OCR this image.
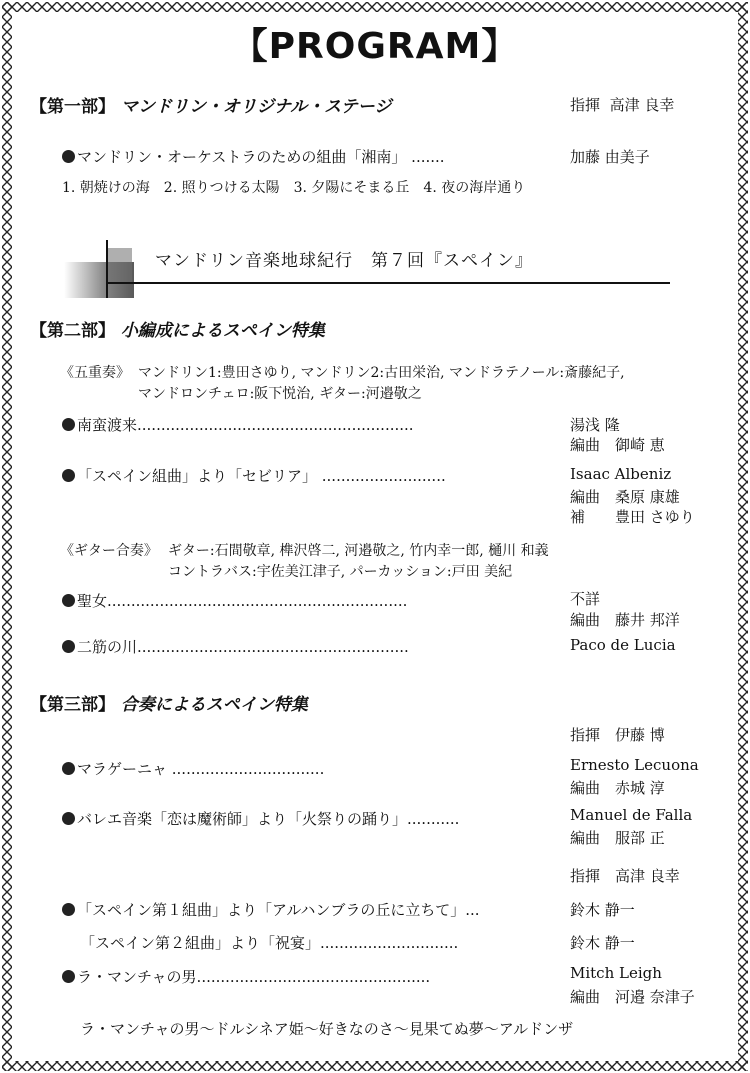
【PROGRAM】
【第一部】 マンドリン・オリジナル・ステージ	指揮 高津 良幸
マンドリン・オーケストラのための組曲「湘南」 .......	加藤 由美子
1. 朝焼けの海　2. 照りつける太陽　3. 夕陽にそまる丘　4. 夜の海岸通り
マンドリン音楽地球紀行　第７回『スペイン』
【第二部】 小編成によるスペイン特集
《五重奏》 マンドリン1:豊田さゆり, マンドリン2:古田栄治, マンドラテノール:斎藤紀子,
マンドロンチェロ:阪下悦治, ギター:河邉敬之
南蛮渡来..........................................................	湯浅 隆
編曲　御崎 恵
「スペイン組曲」より「セビリア」 ..........................	Isaac Albeniz
編曲　桑原 康雄
補　　豊田 さゆり
《ギター合奏》 ギター:石間敬章, 榫沢啓二, 河邉敬之, 竹内幸一郎, 樋川 和義
コントラバス:宇佐美江津子, パーカッション:戸田 美紀
聖女...............................................................	不詳
編曲　藤井 邦洋
二筋の川.........................................................	Paco de Lucia
【第三部】 合奏によるスペイン特集
指揮　伊藤 博
マラゲーニャ ................................	Ernesto Lecuona
編曲　赤城 淳
バレエ音楽「恋は魔術師」より「火祭りの踊り」...........	Manuel de Falla
編曲　服部 正
指揮　高津 良幸
「スペイン第１組曲」より「アルハンブラの丘に立ちて」...	鈴木 静一
「スペイン第２組曲」より「祝宴」.............................	鈴木 静一
ラ・マンチャの男.................................................	Mitch Leigh
編曲　河邉 奈津子
ラ・マンチャの男〜ドルシネア姫〜好きなのさ〜見果てぬ夢〜アルドンザ
